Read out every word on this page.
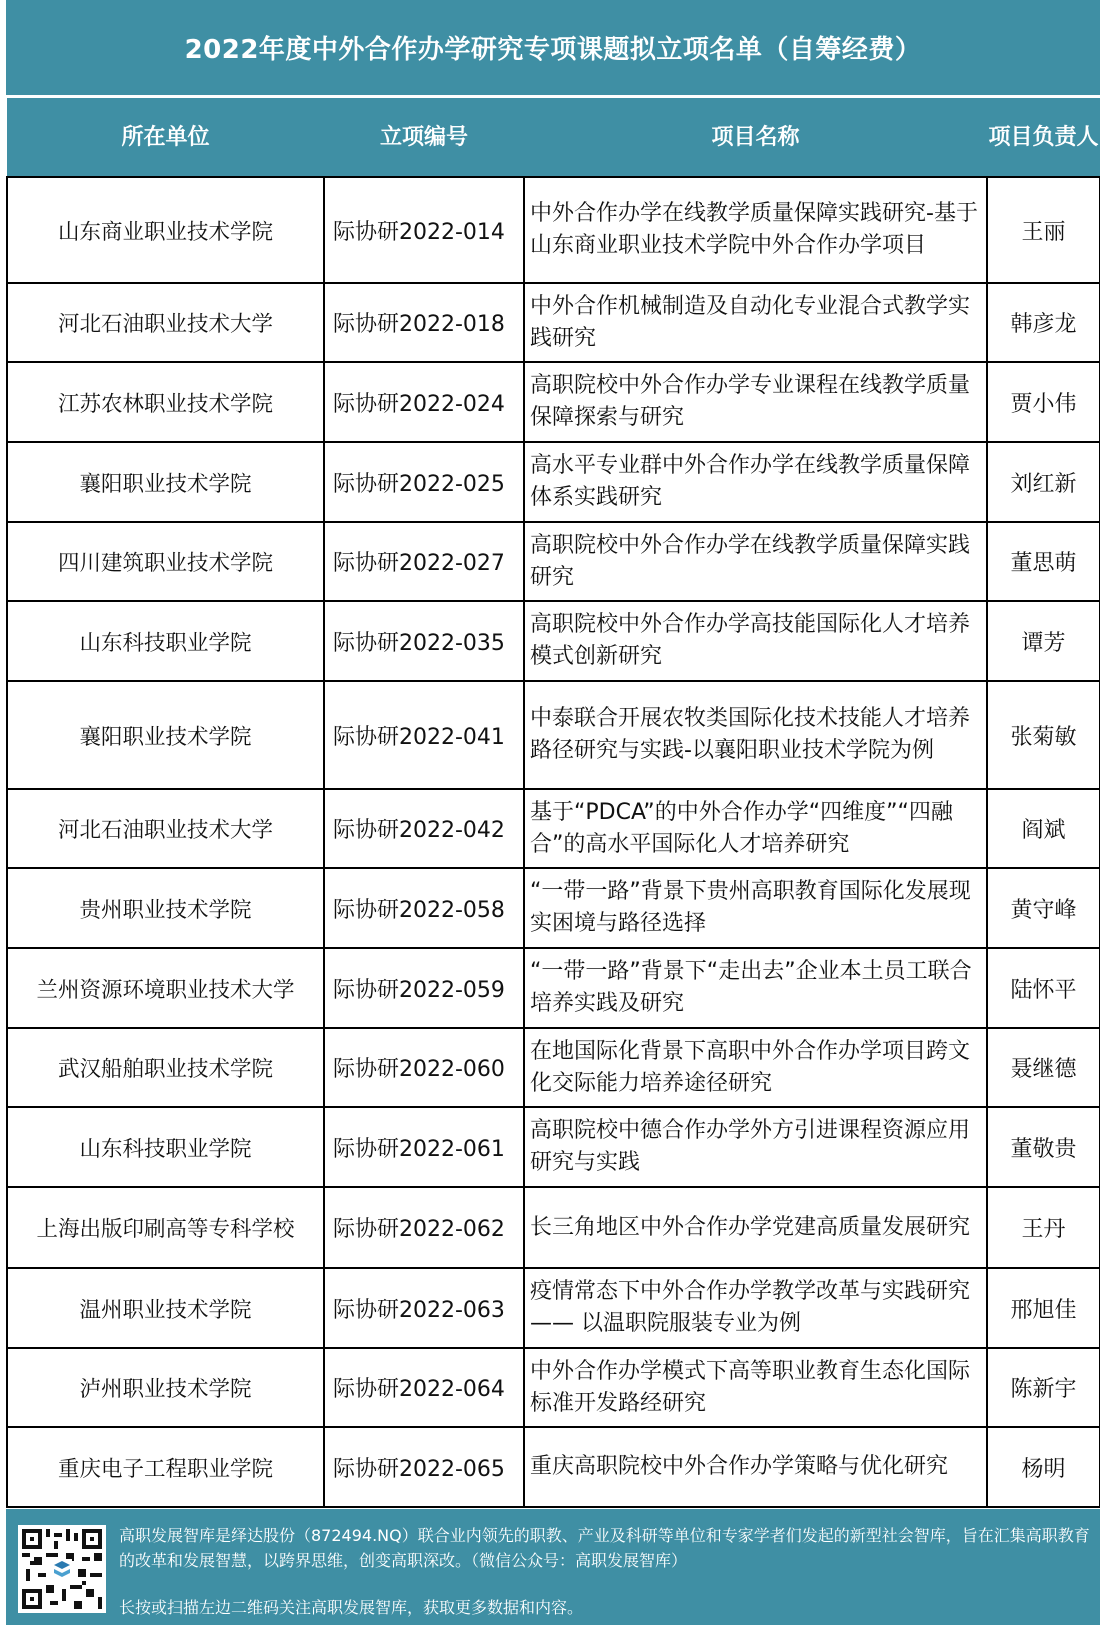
2022年度中外合作办学研究专项课题拟立项名单（自筹经费）
所在单位	立项编号	项目名称	项目负责人
山东商业职业技术学院	际协研2022-014	中外合作办学在线教学质量保障实践研究-基于山东商业职业技术学院中外合作办学项目	王丽
河北石油职业技术大学	际协研2022-018	中外合作机械制造及自动化专业混合式教学实践研究	韩彦龙
江苏农林职业技术学院	际协研2022-024	高职院校中外合作办学专业课程在线教学质量保障探索与研究	贾小伟
襄阳职业技术学院	际协研2022-025	高水平专业群中外合作办学在线教学质量保障体系实践研究	刘红新
四川建筑职业技术学院	际协研2022-027	高职院校中外合作办学在线教学质量保障实践研究	董思萌
山东科技职业学院	际协研2022-035	高职院校中外合作办学高技能国际化人才培养模式创新研究	谭芳
襄阳职业技术学院	际协研2022-041	中泰联合开展农牧类国际化技术技能人才培养路径研究与实践-以襄阳职业技术学院为例	张菊敏
河北石油职业技术大学	际协研2022-042	基于“PDCA”的中外合作办学“四维度”“四融合”的高水平国际化人才培养研究	阎斌
贵州职业技术学院	际协研2022-058	“一带一路”背景下贵州高职教育国际化发展现实困境与路径选择	黄守峰
兰州资源环境职业技术大学	际协研2022-059	“一带一路”背景下“走出去”企业本土员工联合培养实践及研究	陆怀平
武汉船舶职业技术学院	际协研2022-060	在地国际化背景下高职中外合作办学项目跨文化交际能力培养途径研究	聂继德
山东科技职业学院	际协研2022-061	高职院校中德合作办学外方引进课程资源应用研究与实践	董敬贵
上海出版印刷高等专科学校	际协研2022-062	长三角地区中外合作办学党建高质量发展研究	王丹
温州职业技术学院	际协研2022-063	疫情常态下中外合作办学教学改革与实践研究 —— 以温职院服装专业为例	邢旭佳
泸州职业技术学院	际协研2022-064	中外合作办学模式下高等职业教育生态化国际标准开发路经研究	陈新宇
重庆电子工程职业学院	际协研2022-065	重庆高职院校中外合作办学策略与优化研究	杨明
高职发展智库是绎达股份（872494.NQ）联合业内领先的职教、产业及科研等单位和专家学者们发起的新型社会智库，旨在汇集高职教育的改革和发展智慧，以跨界思维，创变高职深改。（微信公众号：高职发展智库）
长按或扫描左边二维码关注高职发展智库，获取更多数据和内容。
